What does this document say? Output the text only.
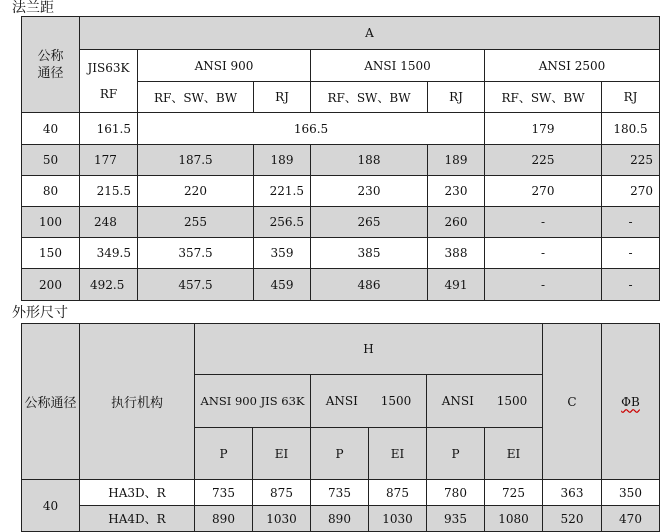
法兰距
公称通径	A						

	JIS63K RF	ANSI 900		ANSI 1500		ANSI 2500	
		RF、SW、BW	RJ	RF、SW、BW	RJ	RF、SW、BW	RJ
40	161.5	166.5				179	180.5
50	177	187.5	189	188	189	225	225
80	215.5	220	221.5	230	230	270	270
100	248	255	256.5	265	260	-	-
150	349.5	357.5	359	385	388	-	-
200	492.5	457.5	459	486	491	-	-
外形尺寸
公称通径	执行机构	H						C	ΦB
		ANSI 900 JIS 63K		ANSI      1500		ANSI      1500			
		P	EI	P	EI	P	EI		
40	HA3D、R	735	875	735	875	780	725	363	350
	HA4D、R	890	1030	890	1030	935	1080	520	470
